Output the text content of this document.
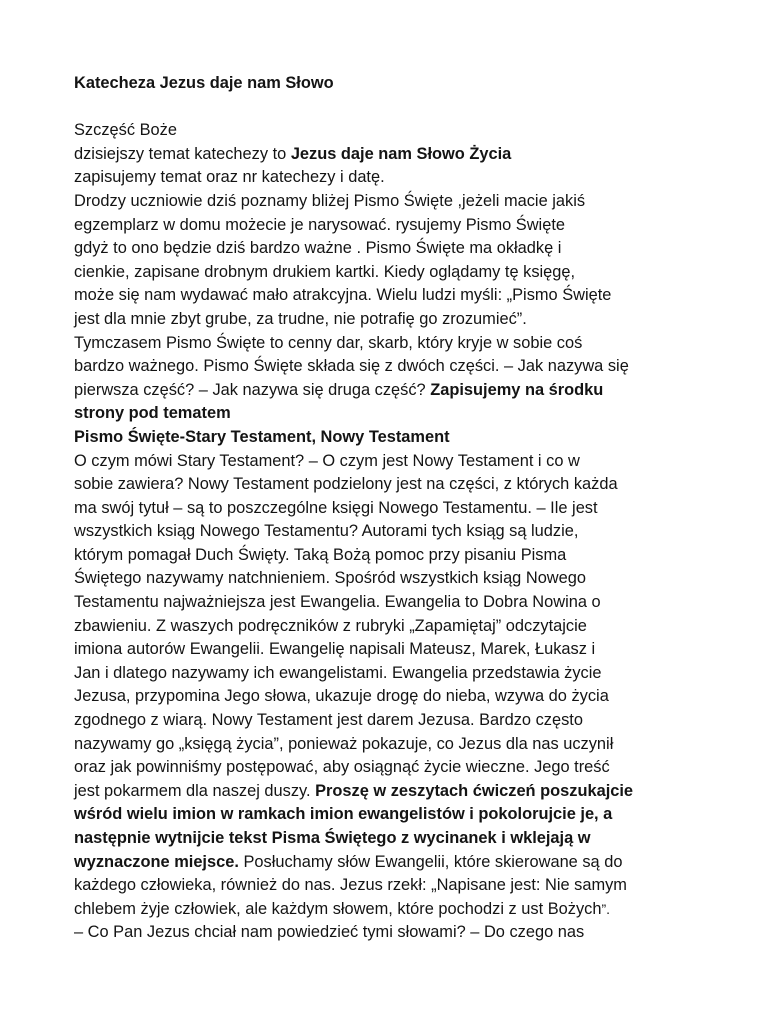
Katecheza Jezus daje nam Słowo
Szczęść Boże
dzisiejszy temat katechezy to Jezus daje nam Słowo Życia
zapisujemy temat oraz nr katechezy i datę.
Drodzy uczniowie dziś poznamy bliżej Pismo Święte ,jeżeli macie jakiś
egzemplarz w domu możecie je narysować. rysujemy Pismo Święte
gdyż to ono będzie dziś bardzo ważne . Pismo Święte ma okładkę i
cienkie, zapisane drobnym drukiem kartki. Kiedy oglądamy tę księgę,
może się nam wydawać mało atrakcyjna. Wielu ludzi myśli: „Pismo Święte
jest dla mnie zbyt grube, za trudne, nie potrafię go zrozumieć”.
Tymczasem Pismo Święte to cenny dar, skarb, który kryje w sobie coś
bardzo ważnego. Pismo Święte składa się z dwóch części. – Jak nazywa się
pierwsza część? – Jak nazywa się druga część? Zapisujemy na środku
strony pod tematem
Pismo Święte-Stary Testament, Nowy Testament
O czym mówi Stary Testament? – O czym jest Nowy Testament i co w
sobie zawiera? Nowy Testament podzielony jest na części, z których każda
ma swój tytuł – są to poszczególne księgi Nowego Testamentu. – Ile jest
wszystkich ksiąg Nowego Testamentu? Autorami tych ksiąg są ludzie,
którym pomagał Duch Święty. Taką Bożą pomoc przy pisaniu Pisma
Świętego nazywamy natchnieniem. Spośród wszystkich ksiąg Nowego
Testamentu najważniejsza jest Ewangelia. Ewangelia to Dobra Nowina o
zbawieniu. Z waszych podręczników z rubryki „Zapamiętaj” odczytajcie
imiona autorów Ewangelii. Ewangelię napisali Mateusz, Marek, Łukasz i
Jan i dlatego nazywamy ich ewangelistami. Ewangelia przedstawia życie
Jezusa, przypomina Jego słowa, ukazuje drogę do nieba, wzywa do życia
zgodnego z wiarą. Nowy Testament jest darem Jezusa. Bardzo często
nazywamy go „księgą życia”, ponieważ pokazuje, co Jezus dla nas uczynił
oraz jak powinniśmy postępować, aby osiągnąć życie wieczne. Jego treść
jest pokarmem dla naszej duszy. Proszę w zeszytach ćwiczeń poszukajcie
wśród wielu imion w ramkach imion ewangelistów i pokolorujcie je, a
następnie wytnijcie tekst Pisma Świętego z wycinanek i wklejają w
wyznaczone miejsce. Posłuchamy słów Ewangelii, które skierowane są do
każdego człowieka, również do nas. Jezus rzekł: „Napisane jest: Nie samym
chlebem żyje człowiek, ale każdym słowem, które pochodzi z ust Bożych”.
– Co Pan Jezus chciał nam powiedzieć tymi słowami? – Do czego nas
